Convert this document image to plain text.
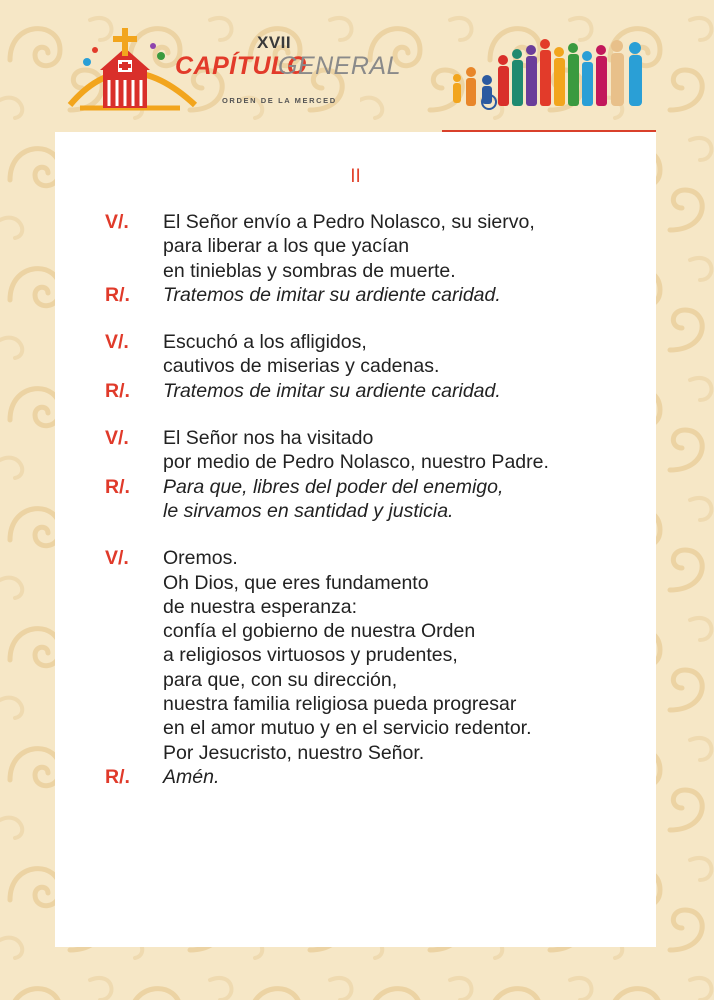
XVII
CAPÍTULO
GENERAL
ORDEN DE LA MERCED
II
V/. El Señor envío a Pedro Nolasco, su siervo,
para liberar a los que yacían
en tinieblas y sombras de muerte.
R/. Tratemos de imitar su ardiente caridad.
V/. Escuchó a los afligidos,
cautivos de miserias y cadenas.
R/. Tratemos de imitar su ardiente caridad.
V/. El Señor nos ha visitado
por medio de Pedro Nolasco, nuestro Padre.
R/. Para que, libres del poder del enemigo,
le sirvamos en santidad y justicia.
V/. Oremos.
Oh Dios, que eres fundamento
de nuestra esperanza:
confía el gobierno de nuestra Orden
a religiosos virtuosos y prudentes,
para que, con su dirección,
nuestra familia religiosa pueda progresar
en el amor mutuo y en el servicio redentor.
Por Jesucristo, nuestro Señor.
R/. Amén.
